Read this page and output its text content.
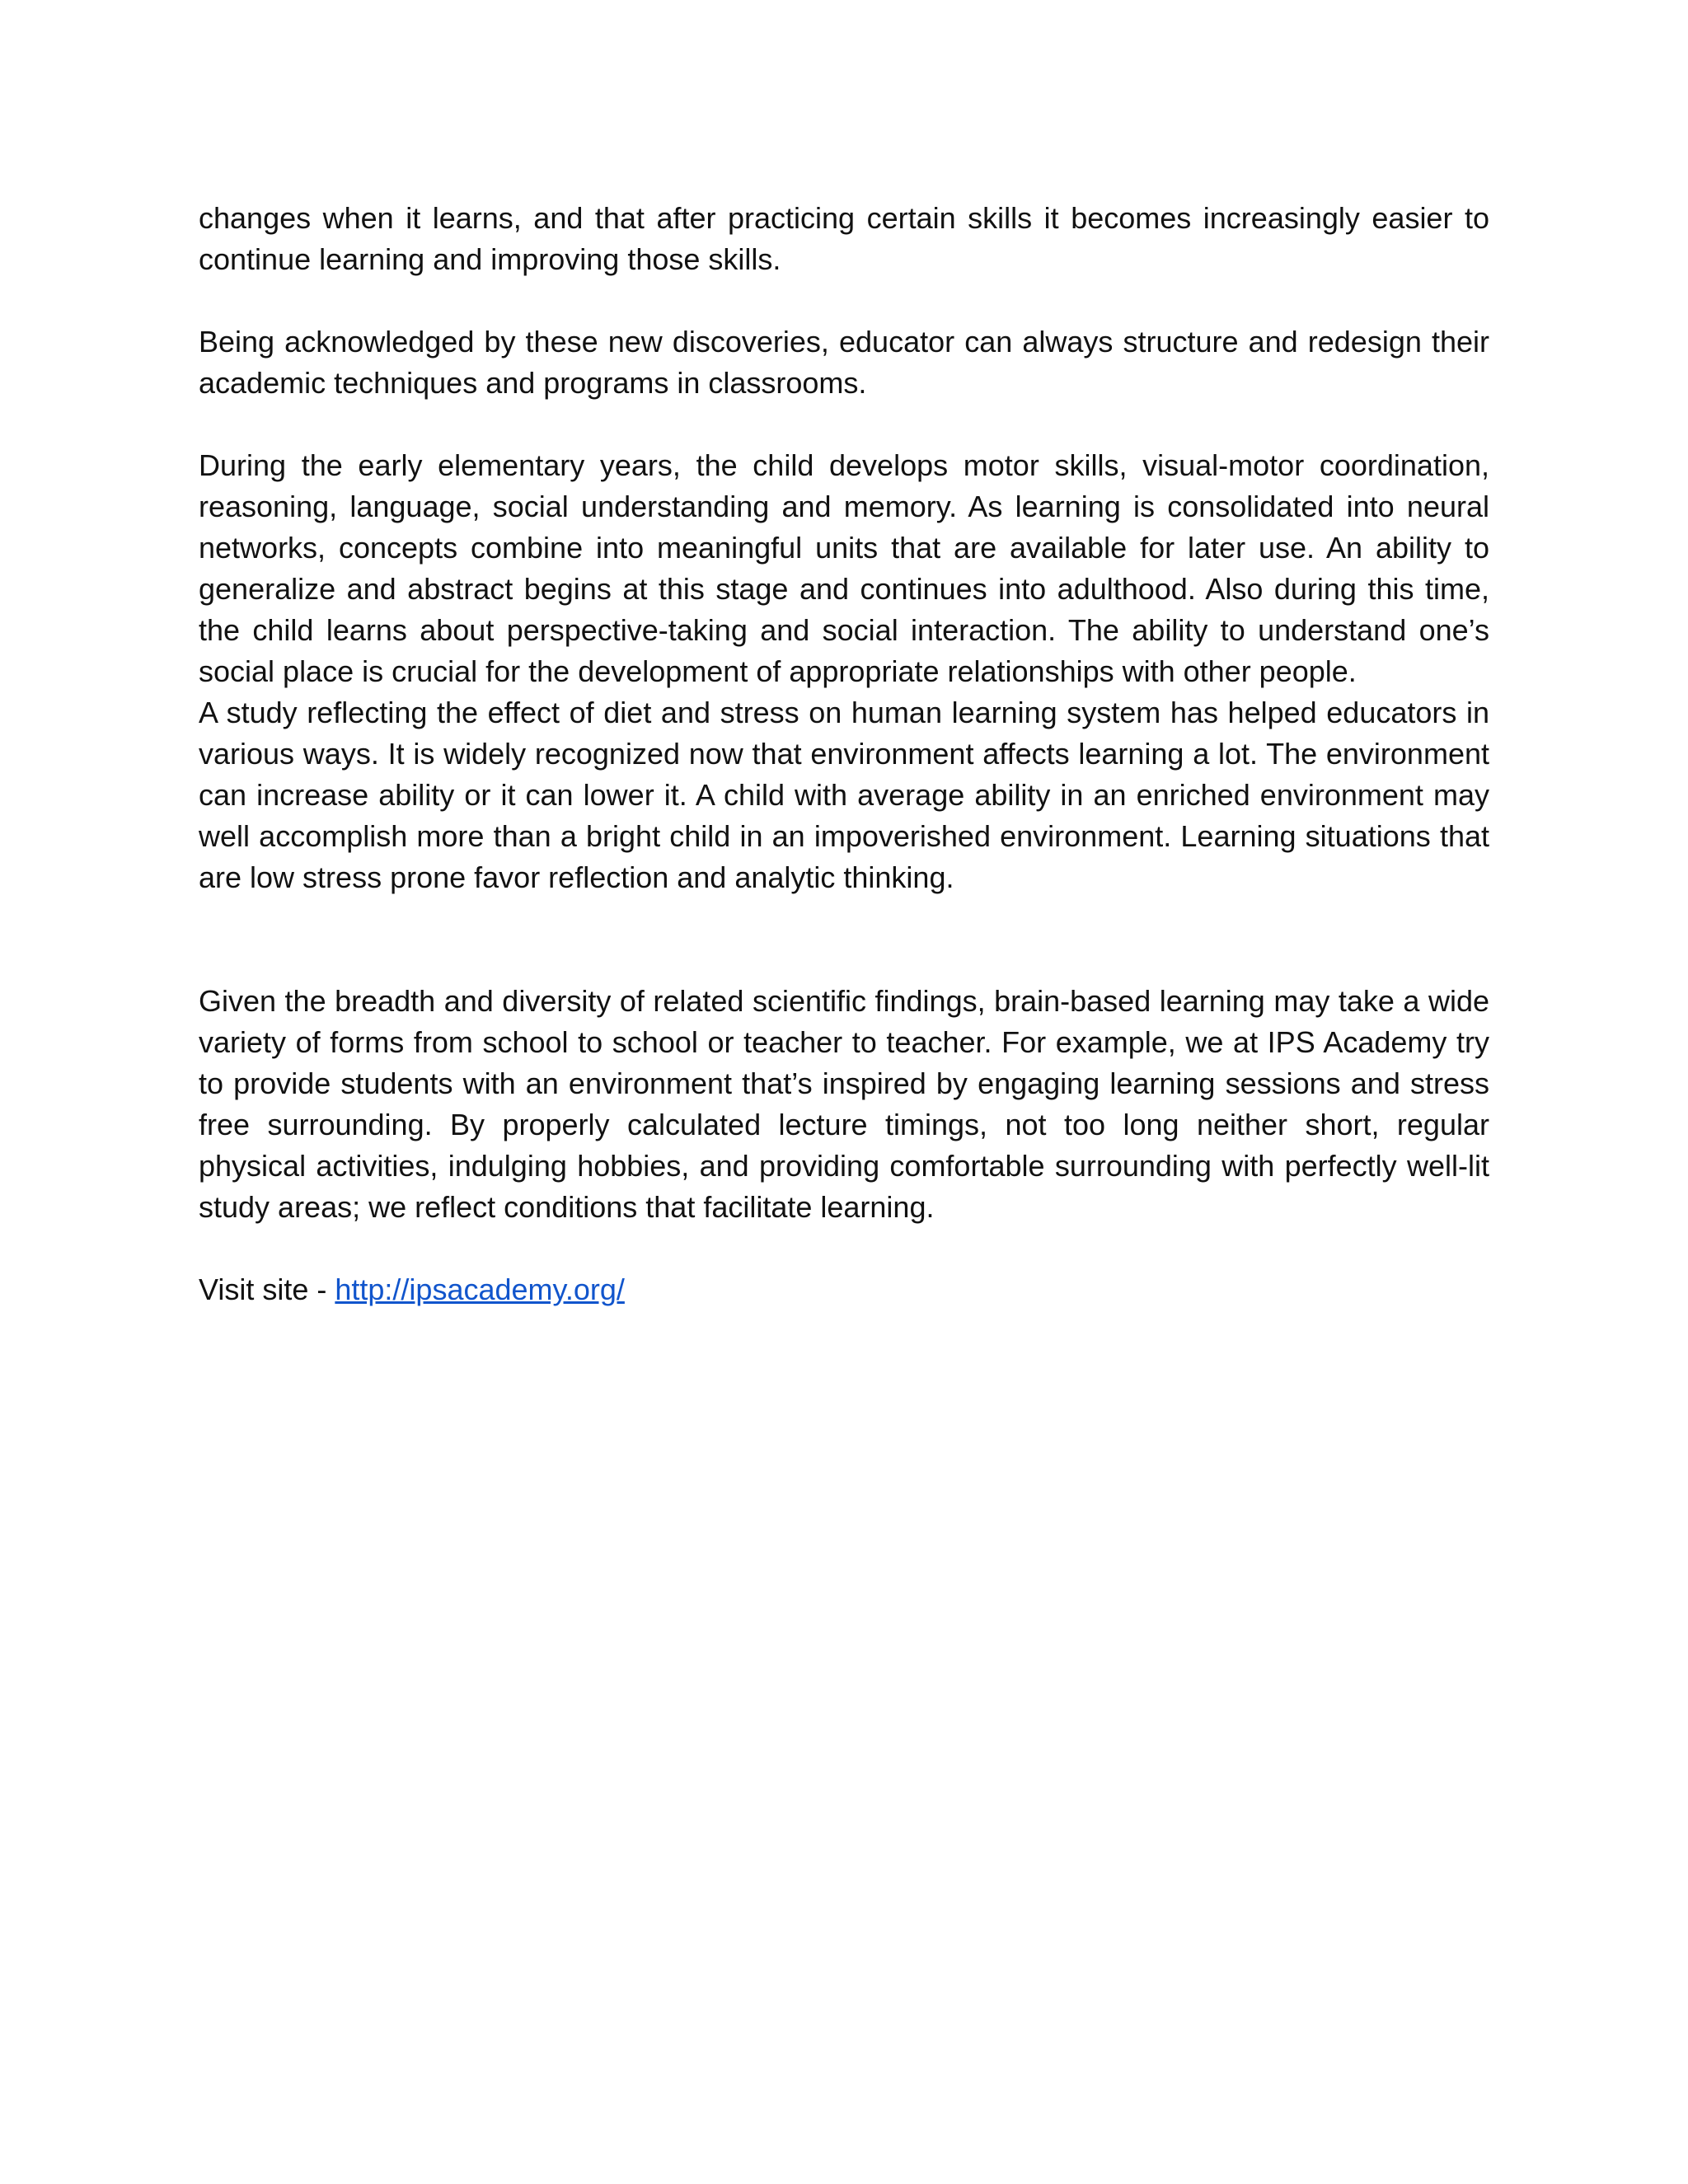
changes when it learns, and that after practicing certain skills it becomes increasingly easier to continue learning and improving those skills.

Being acknowledged by these new discoveries, educator can always structure and redesign their academic techniques and programs in classrooms.

During the early elementary years, the child develops motor skills, visual-motor coordination, reasoning, language, social understanding and memory. As learning is consolidated into neural networks, concepts combine into meaningful units that are available for later use. An ability to generalize and abstract begins at this stage and continues into adulthood. Also during this time, the child learns about perspective-taking and social interaction. The ability to understand one’s social place is crucial for the development of appropriate relationships with other people.

A study reflecting the effect of diet and stress on human learning system has helped educators in various ways. It is widely recognized now that environment affects learning a lot. The environment can increase ability or it can lower it. A child with average ability in an enriched environment may well accomplish more than a bright child in an impoverished environment. Learning situations that are low stress prone favor reflection and analytic thinking.

Given the breadth and diversity of related scientific findings, brain-based learning may take a wide variety of forms from school to school or teacher to teacher. For example, we at IPS Academy try to provide students with an environment that’s inspired by engaging learning sessions and stress free surrounding. By properly calculated lecture timings, not too long neither short, regular physical activities, indulging hobbies, and providing comfortable surrounding with perfectly well-lit study areas; we reflect conditions that facilitate learning.

Visit site - http://ipsacademy.org/
